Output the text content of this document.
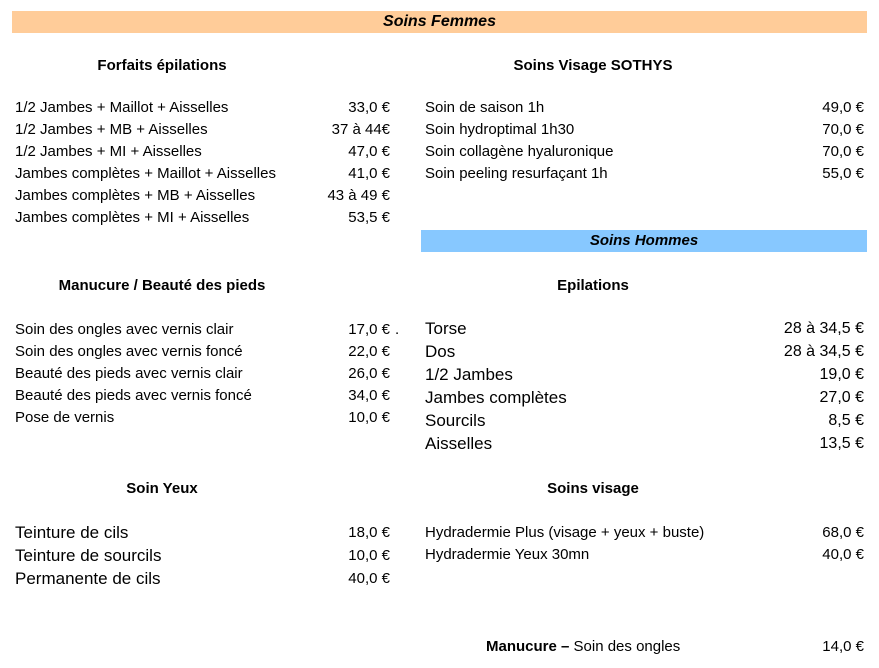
Soins Femmes
Forfaits épilations
1/2 Jambes + Maillot + Aisselles	33,0 €
1/2 Jambes + MB + Aisselles	37 à 44€
1/2 Jambes + MI + Aisselles	47,0 €
Jambes complètes + Maillot + Aisselles	41,0 €
Jambes complètes + MB + Aisselles	43 à 49 €
Jambes complètes + MI + Aisselles	53,5 €
Soins Visage SOTHYS
Soin de saison 1h	49,0 €
Soin hydroptimal 1h30	70,0 €
Soin collagène hyaluronique	70,0 €
Soin peeling resurfaçant 1h	55,0 €
Soins Hommes
Manucure / Beauté des pieds
Soin des ongles avec vernis clair	17,0 €
Soin des ongles avec vernis foncé	22,0 €
Beauté des pieds avec vernis clair	26,0 €
Beauté des pieds avec vernis foncé	34,0 €
Pose de vernis	10,0 €
.
Epilations
Torse	28 à 34,5 €
Dos	28 à 34,5 €
1/2 Jambes	19,0 €
Jambes complètes	27,0 €
Sourcils	8,5 €
Aisselles	13,5 €
Soin Yeux
Teinture de cils	18,0 €
Teinture de sourcils	10,0 €
Permanente de cils	40,0 €
Soins visage
Hydradermie Plus (visage + yeux + buste)	68,0 €
Hydradermie Yeux 30mn	40,0 €
Manucure – Soin des ongles	14,0 €
